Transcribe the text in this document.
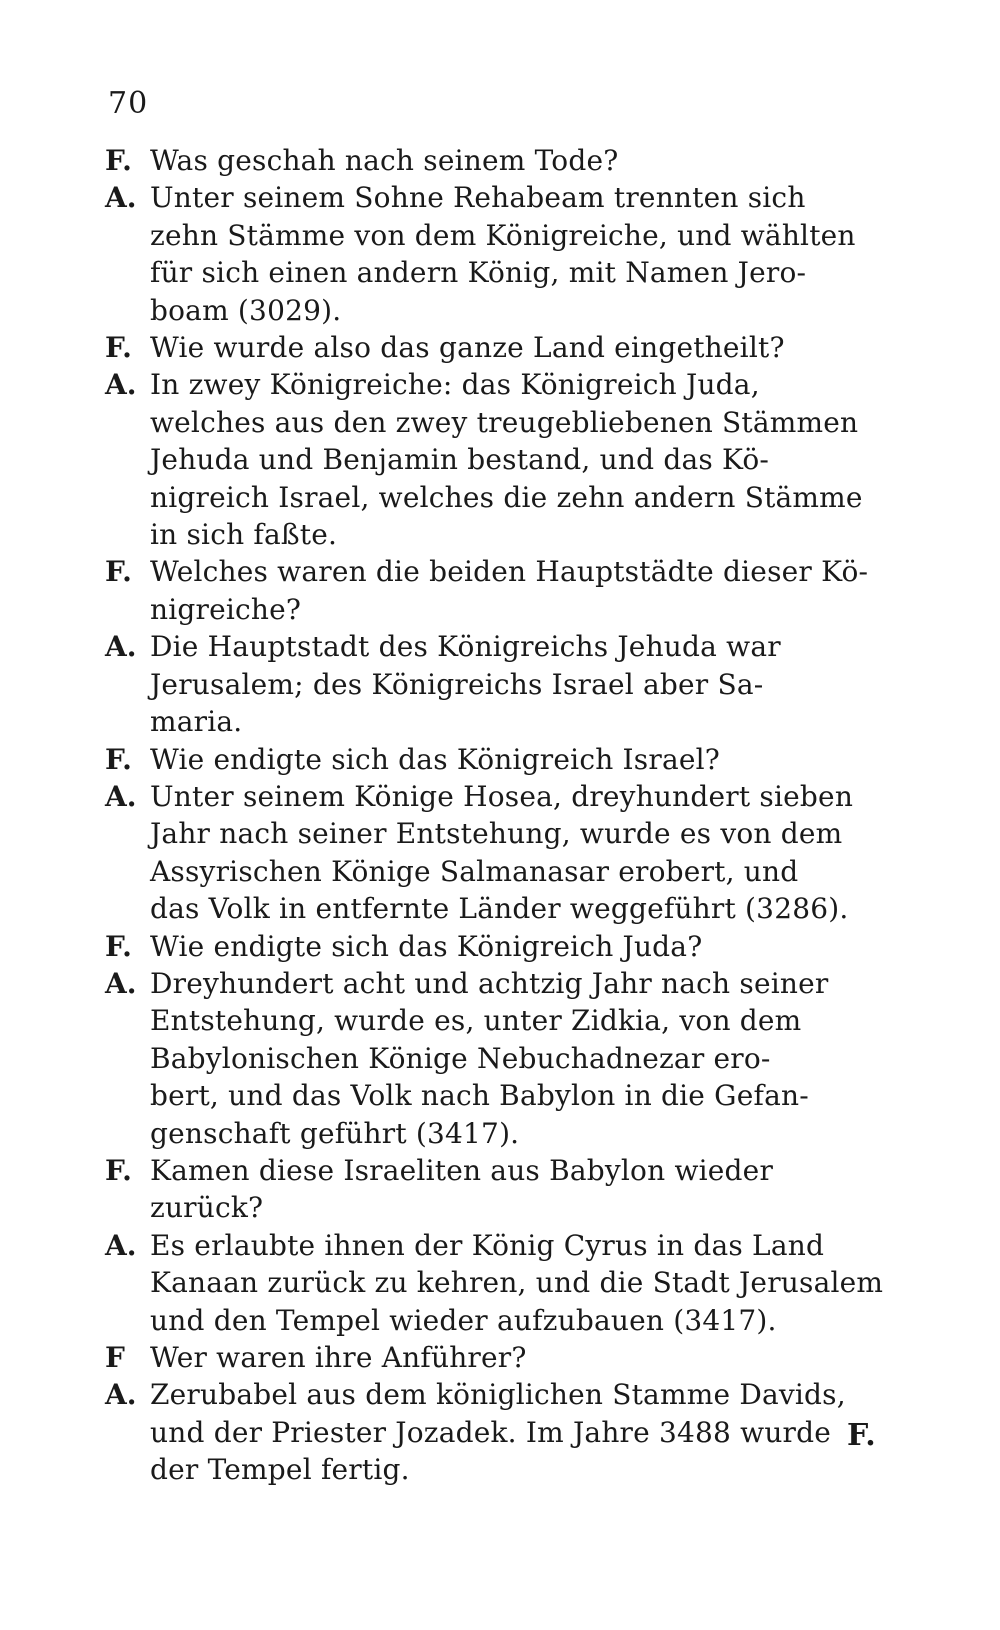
70
F. Was geschah nach seinem Tode?
A. Unter seinem Sohne Rehabeam trennten sich
zehn Stämme von dem Königreiche, und wählten
für sich einen andern König, mit Namen Jero-
boam (3029).
F. Wie wurde also das ganze Land eingetheilt?
A. In zwey Königreiche: das Königreich Juda,
welches aus den zwey treugebliebenen Stämmen
Jehuda und Benjamin bestand, und das Kö-
nigreich Israel, welches die zehn andern Stämme
in sich faßte.
F. Welches waren die beiden Hauptstädte dieser Kö-
nigreiche?
A. Die Hauptstadt des Königreichs Jehuda war
Jerusalem; des Königreichs Israel aber Sa-
maria.
F. Wie endigte sich das Königreich Israel?
A. Unter seinem Könige Hosea, dreyhundert sieben
Jahr nach seiner Entstehung, wurde es von dem
Assyrischen Könige Salmanasar erobert, und
das Volk in entfernte Länder weggeführt (3286).
F. Wie endigte sich das Königreich Juda?
A. Dreyhundert acht und achtzig Jahr nach seiner
Entstehung, wurde es, unter Zidkia, von dem
Babylonischen Könige Nebuchadnezar ero-
bert, und das Volk nach Babylon in die Gefan-
genschaft geführt (3417).
F. Kamen diese Israeliten aus Babylon wieder
zurück?
A. Es erlaubte ihnen der König Cyrus in das Land
Kanaan zurück zu kehren, und die Stadt Jerusalem
und den Tempel wieder aufzubauen (3417).
F Wer waren ihre Anführer?
A. Zerubabel aus dem königlichen Stamme Davids,
und der Priester Jozadek. Im Jahre 3488 wurde
der Tempel fertig.
F.
